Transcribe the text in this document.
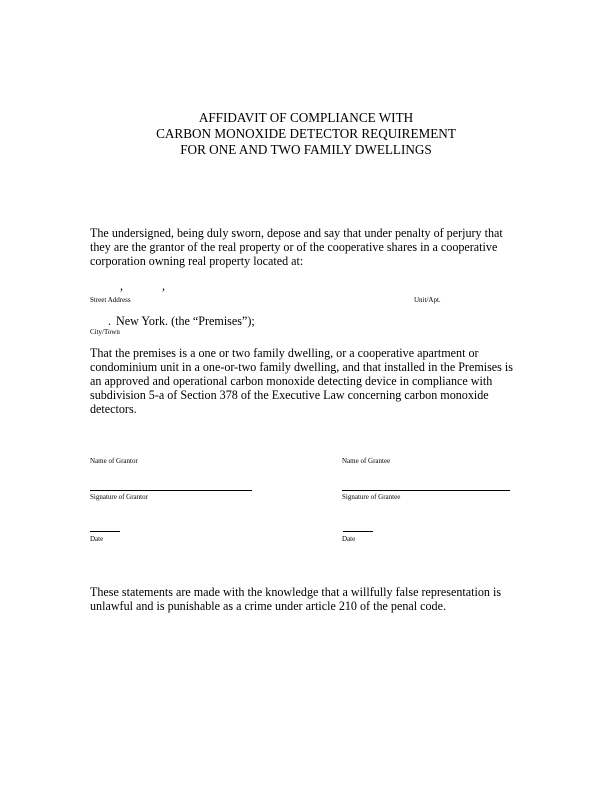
AFFIDAVIT OF COMPLIANCE WITH
CARBON MONOXIDE DETECTOR REQUIREMENT
FOR ONE AND TWO FAMILY DWELLINGS
The undersigned, being duly sworn, depose and say that under penalty of perjury that
they are the grantor of the real property or of the cooperative shares in a cooperative
corporation owning real property located at:
,	,
Street Address	Unit/Apt.
. New York. (the “Premises”);
City/Town
That the premises is a one or two family dwelling, or a cooperative apartment or
condominium unit in a one-or-two family dwelling, and that installed in the Premises is
an approved and operational carbon monoxide detecting device in compliance with
subdivision 5-a of Section 378 of the Executive Law concerning carbon monoxide
detectors.
Name of Grantor	Name of Grantee
Signature of Grantor	Signature of Grantee
Date	Date
These statements are made with the knowledge that a willfully false representation is
unlawful and is punishable as a crime under article 210 of the penal code.
